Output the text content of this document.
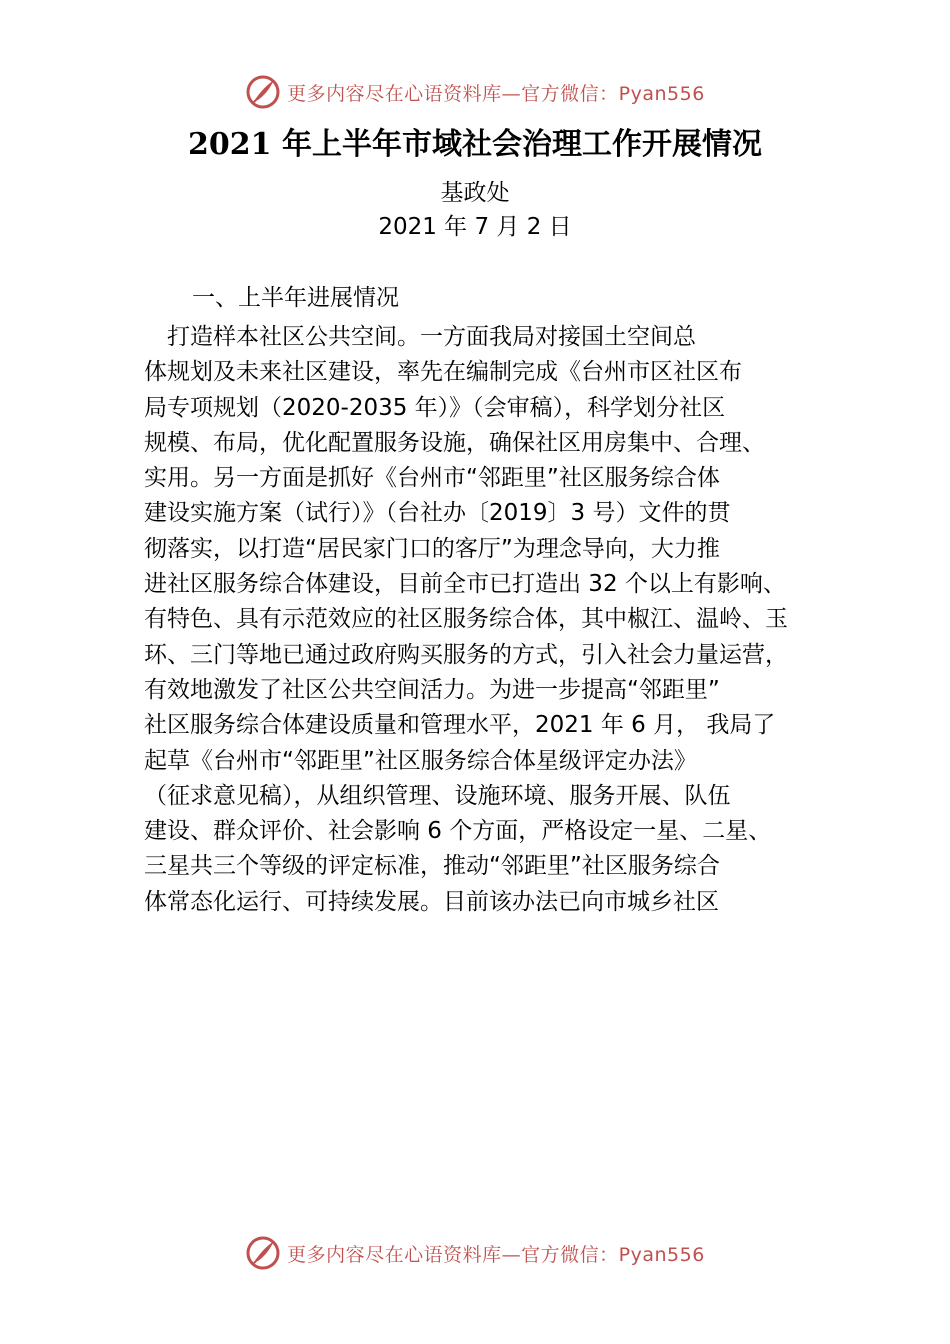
更多内容尽在心语资料库—官方微信：Pyan556
2021 年上半年市域社会治理工作开展情况
基政处
2021 年 7 月 2 日
一、上半年进展情况
　打造样本社区公共空间。一方面我局对接国土空间总
体规划及未来社区建设，率先在编制完成《台州市区社区布
局专项规划（2020-2035 年）》（会审稿），科学划分社区
规模、布局，优化配置服务设施，确保社区用房集中、合理、
实用。另一方面是抓好《台州市“邻距里”社区服务综合体
建设实施方案（试行）》（台社办〔2019〕3 号）文件的贯
彻落实，以打造“居民家门口的客厅”为理念导向，大力推
进社区服务综合体建设，目前全市已打造出 32 个以上有影响、
有特色、具有示范效应的社区服务综合体，其中椒江、温岭、玉
环、三门等地已通过政府购买服务的方式，引入社会力量运营，
有效地激发了社区公共空间活力。为进一步提高“邻距里”
社区服务综合体建设质量和管理水平，2021 年 6 月， 我局了
起草《台州市“邻距里”社区服务综合体星级评定办法》
（征求意见稿），从组织管理、设施环境、服务开展、队伍
建设、群众评价、社会影响 6 个方面，严格设定一星、二星、
三星共三个等级的评定标准，推动“邻距里”社区服务综合
体常态化运行、可持续发展。目前该办法已向市城乡社区
更多内容尽在心语资料库—官方微信：Pyan556
